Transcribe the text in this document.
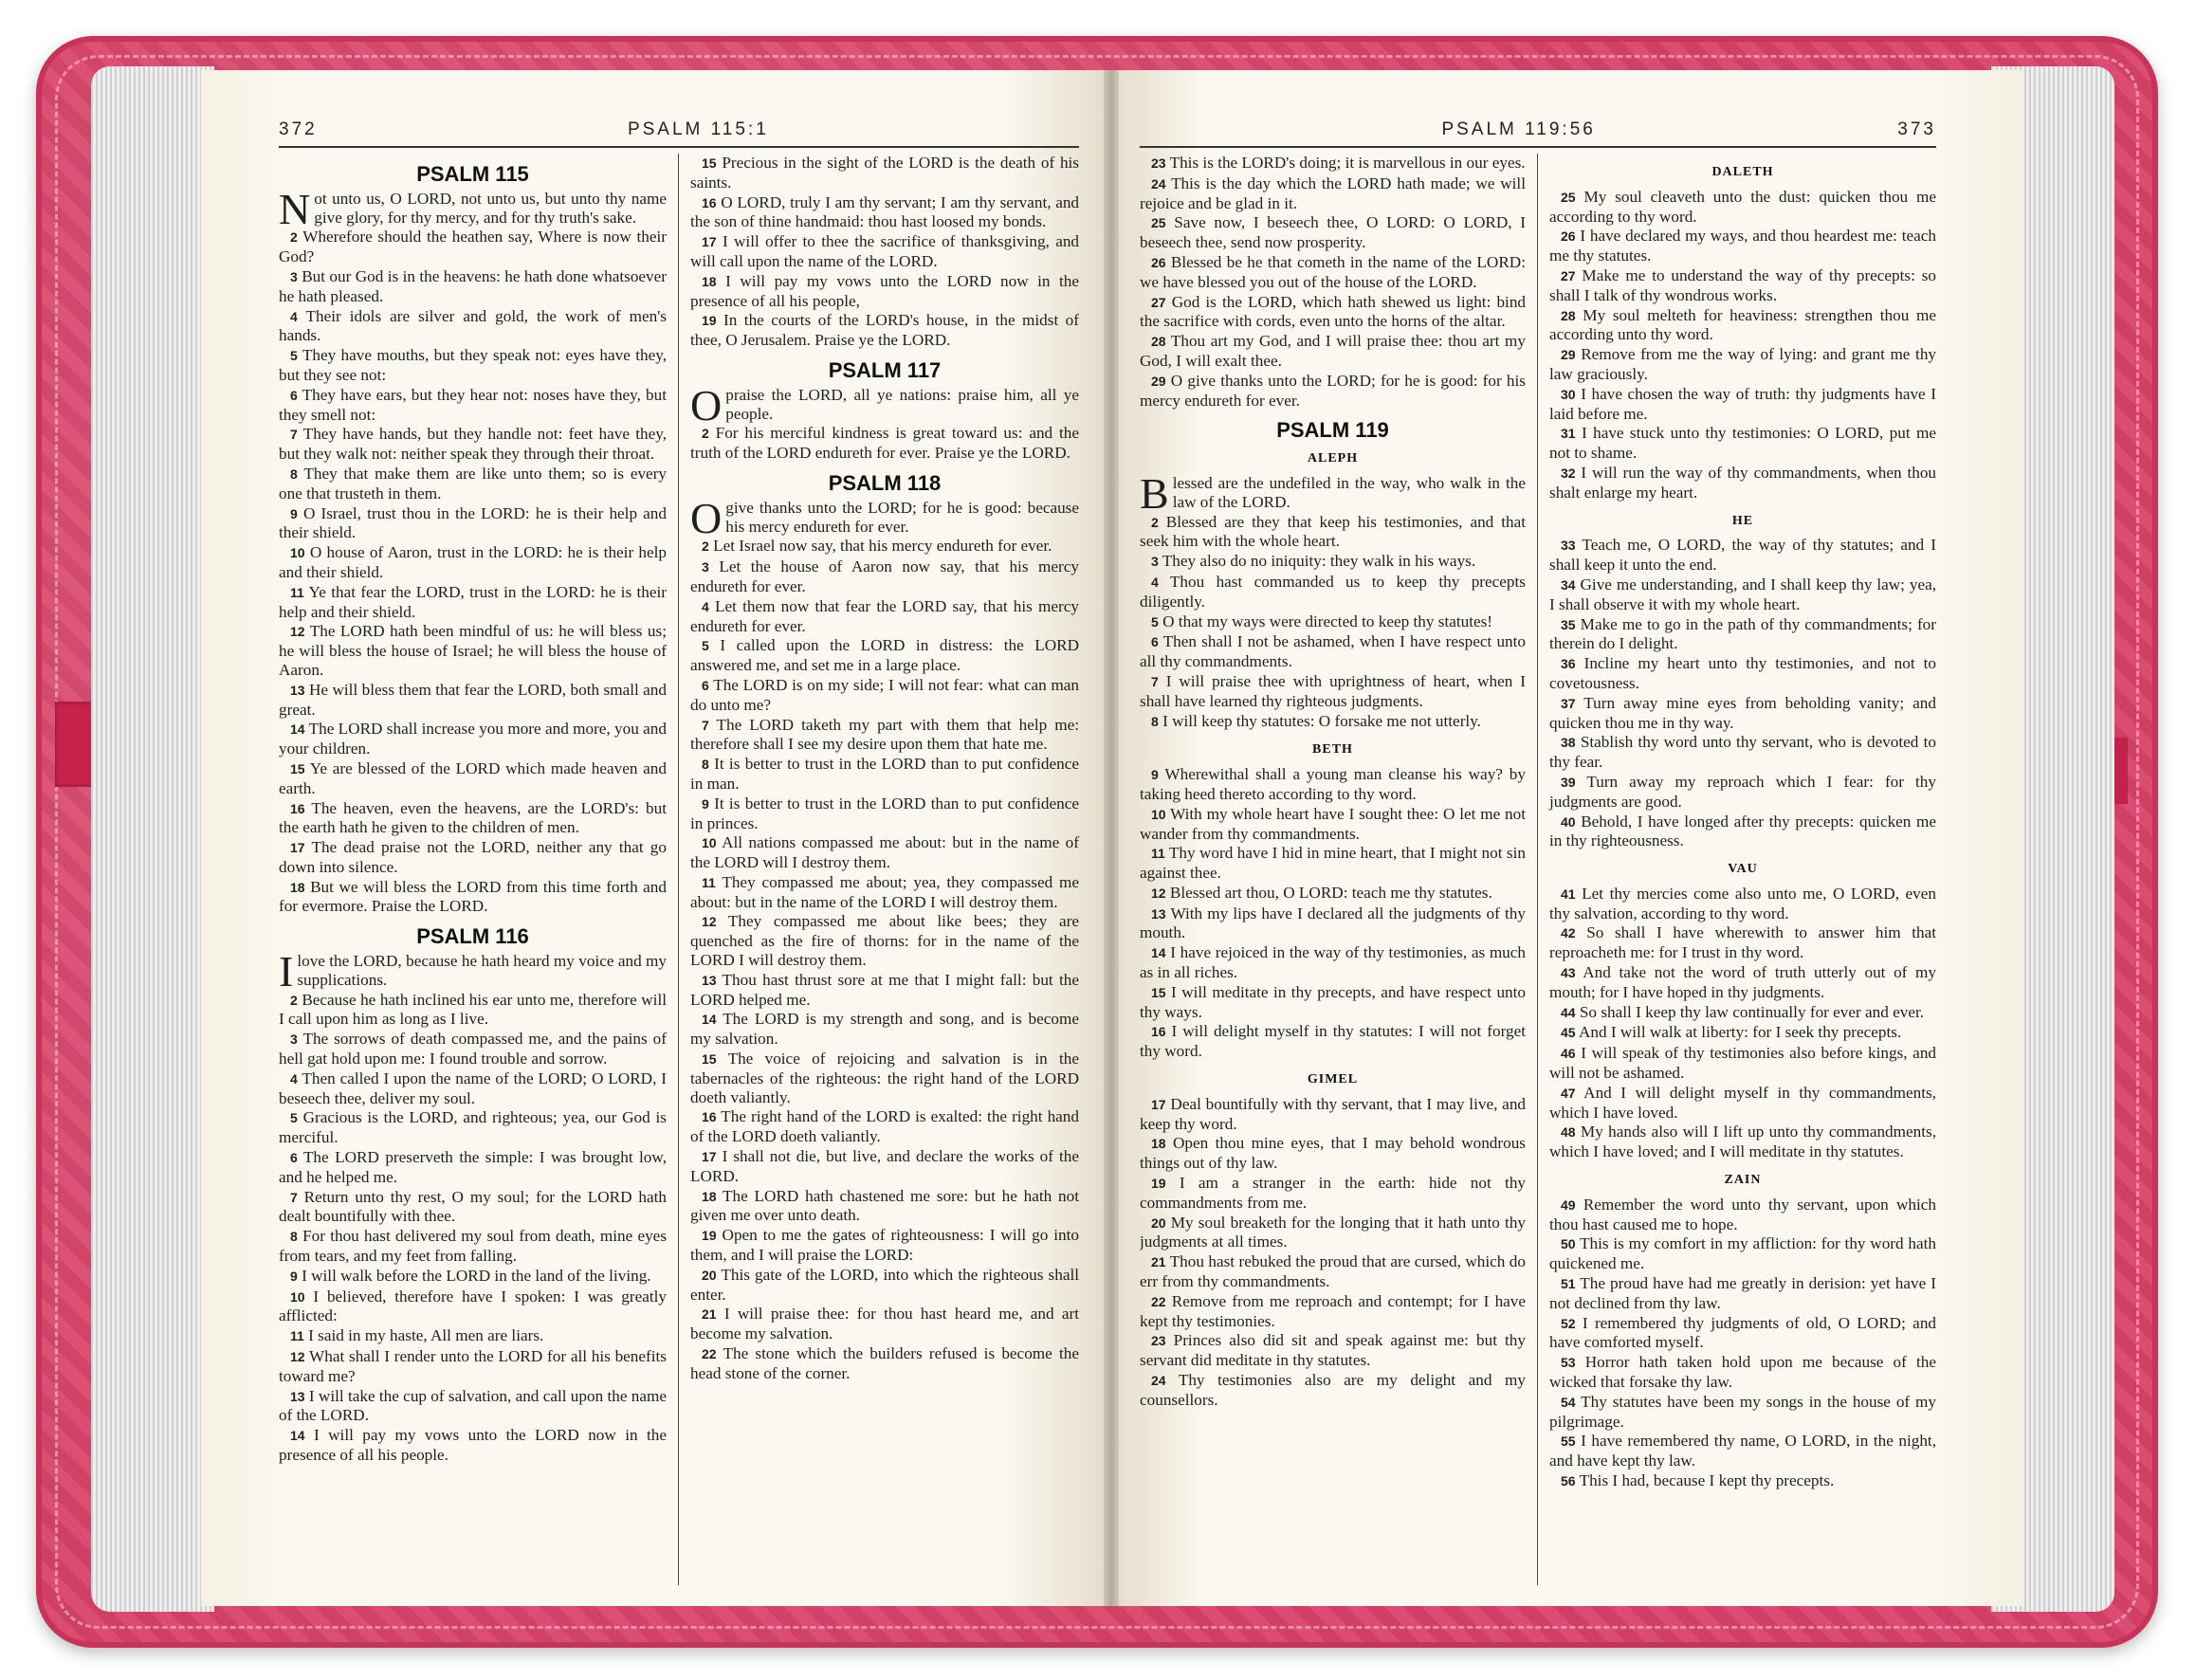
372	PSALM 115:1
PSALM 115
Not unto us, O LORD, not unto us, but unto thy name give glory, for thy mercy, and for thy truth's sake.
2 Wherefore should the heathen say, Where is now their God?
3 But our God is in the heavens: he hath done whatsoever he hath pleased.
4 Their idols are silver and gold, the work of men's hands.
5 They have mouths, but they speak not: eyes have they, but they see not:
6 They have ears, but they hear not: noses have they, but they smell not:
7 They have hands, but they handle not: feet have they, but they walk not: neither speak they through their throat.
8 They that make them are like unto them; so is every one that trusteth in them.
9 O Israel, trust thou in the LORD: he is their help and their shield.
10 O house of Aaron, trust in the LORD: he is their help and their shield.
11 Ye that fear the LORD, trust in the LORD: he is their help and their shield.
12 The LORD hath been mindful of us: he will bless us; he will bless the house of Israel; he will bless the house of Aaron.
13 He will bless them that fear the LORD, both small and great.
14 The LORD shall increase you more and more, you and your children.
15 Ye are blessed of the LORD which made heaven and earth.
16 The heaven, even the heavens, are the LORD's: but the earth hath he given to the children of men.
17 The dead praise not the LORD, neither any that go down into silence.
18 But we will bless the LORD from this time forth and for evermore. Praise the LORD.
PSALM 116
Ilove the LORD, because he hath heard my voice and my supplications.
2 Because he hath inclined his ear unto me, therefore will I call upon him as long as I live.
3 The sorrows of death compassed me, and the pains of hell gat hold upon me: I found trouble and sorrow.
4 Then called I upon the name of the LORD; O LORD, I beseech thee, deliver my soul.
5 Gracious is the LORD, and righteous; yea, our God is merciful.
6 The LORD preserveth the simple: I was brought low, and he helped me.
7 Return unto thy rest, O my soul; for the LORD hath dealt bountifully with thee.
8 For thou hast delivered my soul from death, mine eyes from tears, and my feet from falling.
9 I will walk before the LORD in the land of the living.
10 I believed, therefore have I spoken: I was greatly afflicted:
11 I said in my haste, All men are liars.
12 What shall I render unto the LORD for all his benefits toward me?
13 I will take the cup of salvation, and call upon the name of the LORD.
14 I will pay my vows unto the LORD now in the presence of all his people.
15 Precious in the sight of the LORD is the death of his saints.
16 O LORD, truly I am thy servant; I am thy servant, and the son of thine handmaid: thou hast loosed my bonds.
17 I will offer to thee the sacrifice of thanksgiving, and will call upon the name of the LORD.
18 I will pay my vows unto the LORD now in the presence of all his people,
19 In the courts of the LORD's house, in the midst of thee, O Jerusalem. Praise ye the LORD.
PSALM 117
Opraise the LORD, all ye nations: praise him, all ye people.
2 For his merciful kindness is great toward us: and the truth of the LORD endureth for ever. Praise ye the LORD.
PSALM 118
Ogive thanks unto the LORD; for he is good: because his mercy endureth for ever.
2 Let Israel now say, that his mercy endureth for ever.
3 Let the house of Aaron now say, that his mercy endureth for ever.
4 Let them now that fear the LORD say, that his mercy endureth for ever.
5 I called upon the LORD in distress: the LORD answered me, and set me in a large place.
6 The LORD is on my side; I will not fear: what can man do unto me?
7 The LORD taketh my part with them that help me: therefore shall I see my desire upon them that hate me.
8 It is better to trust in the LORD than to put confidence in man.
9 It is better to trust in the LORD than to put confidence in princes.
10 All nations compassed me about: but in the name of the LORD will I destroy them.
11 They compassed me about; yea, they compassed me about: but in the name of the LORD I will destroy them.
12 They compassed me about like bees; they are quenched as the fire of thorns: for in the name of the LORD I will destroy them.
13 Thou hast thrust sore at me that I might fall: but the LORD helped me.
14 The LORD is my strength and song, and is become my salvation.
15 The voice of rejoicing and salvation is in the tabernacles of the righteous: the right hand of the LORD doeth valiantly.
16 The right hand of the LORD is exalted: the right hand of the LORD doeth valiantly.
17 I shall not die, but live, and declare the works of the LORD.
18 The LORD hath chastened me sore: but he hath not given me over unto death.
19 Open to me the gates of righteousness: I will go into them, and I will praise the LORD:
20 This gate of the LORD, into which the righteous shall enter.
21 I will praise thee: for thou hast heard me, and art become my salvation.
22 The stone which the builders refused is become the head stone of the corner.
PSALM 119:56	373
23 This is the LORD's doing; it is marvellous in our eyes.
24 This is the day which the LORD hath made; we will rejoice and be glad in it.
25 Save now, I beseech thee, O LORD: O LORD, I beseech thee, send now prosperity.
26 Blessed be he that cometh in the name of the LORD: we have blessed you out of the house of the LORD.
27 God is the LORD, which hath shewed us light: bind the sacrifice with cords, even unto the horns of the altar.
28 Thou art my God, and I will praise thee: thou art my God, I will exalt thee.
29 O give thanks unto the LORD; for he is good: for his mercy endureth for ever.
PSALM 119
ALEPH
Blessed are the undefiled in the way, who walk in the law of the LORD.
2 Blessed are they that keep his testimonies, and that seek him with the whole heart.
3 They also do no iniquity: they walk in his ways.
4 Thou hast commanded us to keep thy precepts diligently.
5 O that my ways were directed to keep thy statutes!
6 Then shall I not be ashamed, when I have respect unto all thy commandments.
7 I will praise thee with uprightness of heart, when I shall have learned thy righteous judgments.
8 I will keep thy statutes: O forsake me not utterly.
BETH
9 Wherewithal shall a young man cleanse his way? by taking heed thereto according to thy word.
10 With my whole heart have I sought thee: O let me not wander from thy commandments.
11 Thy word have I hid in mine heart, that I might not sin against thee.
12 Blessed art thou, O LORD: teach me thy statutes.
13 With my lips have I declared all the judgments of thy mouth.
14 I have rejoiced in the way of thy testimonies, as much as in all riches.
15 I will meditate in thy precepts, and have respect unto thy ways.
16 I will delight myself in thy statutes: I will not forget thy word.
GIMEL
17 Deal bountifully with thy servant, that I may live, and keep thy word.
18 Open thou mine eyes, that I may behold wondrous things out of thy law.
19 I am a stranger in the earth: hide not thy commandments from me.
20 My soul breaketh for the longing that it hath unto thy judgments at all times.
21 Thou hast rebuked the proud that are cursed, which do err from thy commandments.
22 Remove from me reproach and contempt; for I have kept thy testimonies.
23 Princes also did sit and speak against me: but thy servant did meditate in thy statutes.
24 Thy testimonies also are my delight and my counsellors.
DALETH
25 My soul cleaveth unto the dust: quicken thou me according to thy word.
26 I have declared my ways, and thou heardest me: teach me thy statutes.
27 Make me to understand the way of thy precepts: so shall I talk of thy wondrous works.
28 My soul melteth for heaviness: strengthen thou me according unto thy word.
29 Remove from me the way of lying: and grant me thy law graciously.
30 I have chosen the way of truth: thy judgments have I laid before me.
31 I have stuck unto thy testimonies: O LORD, put me not to shame.
32 I will run the way of thy commandments, when thou shalt enlarge my heart.
HE
33 Teach me, O LORD, the way of thy statutes; and I shall keep it unto the end.
34 Give me understanding, and I shall keep thy law; yea, I shall observe it with my whole heart.
35 Make me to go in the path of thy commandments; for therein do I delight.
36 Incline my heart unto thy testimonies, and not to covetousness.
37 Turn away mine eyes from beholding vanity; and quicken thou me in thy way.
38 Stablish thy word unto thy servant, who is devoted to thy fear.
39 Turn away my reproach which I fear: for thy judgments are good.
40 Behold, I have longed after thy precepts: quicken me in thy righteousness.
VAU
41 Let thy mercies come also unto me, O LORD, even thy salvation, according to thy word.
42 So shall I have wherewith to answer him that reproacheth me: for I trust in thy word.
43 And take not the word of truth utterly out of my mouth; for I have hoped in thy judgments.
44 So shall I keep thy law continually for ever and ever.
45 And I will walk at liberty: for I seek thy precepts.
46 I will speak of thy testimonies also before kings, and will not be ashamed.
47 And I will delight myself in thy commandments, which I have loved.
48 My hands also will I lift up unto thy commandments, which I have loved; and I will meditate in thy statutes.
ZAIN
49 Remember the word unto thy servant, upon which thou hast caused me to hope.
50 This is my comfort in my affliction: for thy word hath quickened me.
51 The proud have had me greatly in derision: yet have I not declined from thy law.
52 I remembered thy judgments of old, O LORD; and have comforted myself.
53 Horror hath taken hold upon me because of the wicked that forsake thy law.
54 Thy statutes have been my songs in the house of my pilgrimage.
55 I have remembered thy name, O LORD, in the night, and have kept thy law.
56 This I had, because I kept thy precepts.
